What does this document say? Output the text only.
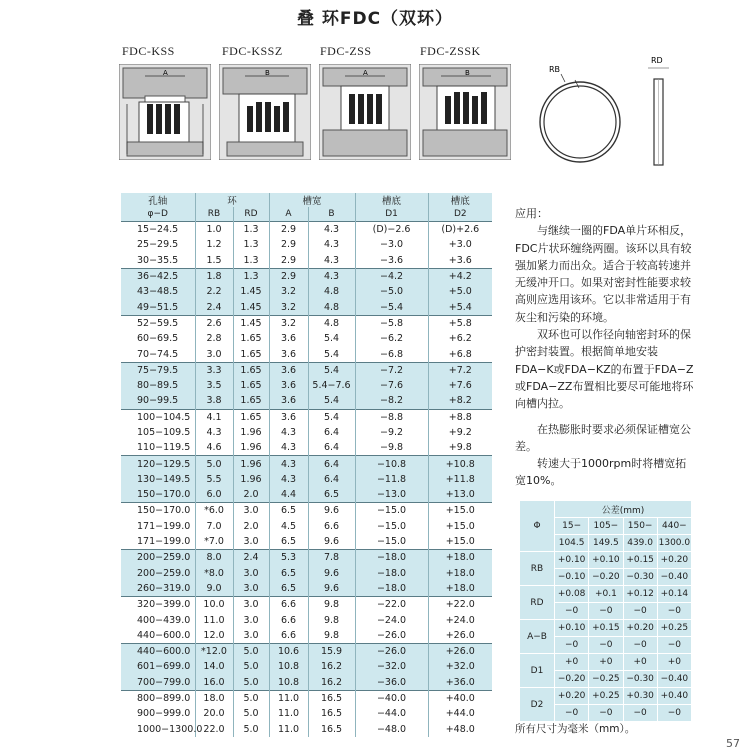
叠 环FDC（双环）
FDC-KSS	FDC-KSSZ	FDC-ZSS	FDC-ZSSK
A	B	A	B	RB
RD
孔轴	环		槽宽		槽底	槽底
φ−D	RB	RD	A	B	D1	D2
15−24.5	1.0	1.3	2.9	4.3	(D)−2.6	(D)+2.6
25−29.5	1.2	1.3	2.9	4.3	−3.0	+3.0
30−35.5	1.5	1.3	2.9	4.3	−3.6	+3.6
36−42.5	1.8	1.3	2.9	4.3	−4.2	+4.2
43−48.5	2.2	1.45	3.2	4.8	−5.0	+5.0
49−51.5	2.4	1.45	3.2	4.8	−5.4	+5.4
52−59.5	2.6	1.45	3.2	4.8	−5.8	+5.8
60−69.5	2.8	1.65	3.6	5.4	−6.2	+6.2
70−74.5	3.0	1.65	3.6	5.4	−6.8	+6.8
75−79.5	3.3	1.65	3.6	5.4	−7.2	+7.2
80−89.5	3.5	1.65	3.6	5.4−7.6	−7.6	+7.6
90−99.5	3.8	1.65	3.6	5.4	−8.2	+8.2
100−104.5	4.1	1.65	3.6	5.4	−8.8	+8.8
105−109.5	4.3	1.96	4.3	6.4	−9.2	+9.2
110−119.5	4.6	1.96	4.3	6.4	−9.8	+9.8
120−129.5	5.0	1.96	4.3	6.4	−10.8	+10.8
130−149.5	5.5	1.96	4.3	6.4	−11.8	+11.8
150−170.0	6.0	2.0	4.4	6.5	−13.0	+13.0
150−170.0	*6.0	3.0	6.5	9.6	−15.0	+15.0
171−199.0	7.0	2.0	4.5	6.6	−15.0	+15.0
171−199.0	*7.0	3.0	6.5	9.6	−15.0	+15.0
200−259.0	8.0	2.4	5.3	7.8	−18.0	+18.0
200−259.0	*8.0	3.0	6.5	9.6	−18.0	+18.0
260−319.0	9.0	3.0	6.5	9.6	−18.0	+18.0
320−399.0	10.0	3.0	6.6	9.8	−22.0	+22.0
400−439.0	11.0	3.0	6.6	9.8	−24.0	+24.0
440−600.0	12.0	3.0	6.6	9.8	−26.0	+26.0
440−600.0	*12.0	5.0	10.6	15.9	−26.0	+26.0
601−699.0	14.0	5.0	10.8	16.2	−32.0	+32.0
700−799.0	16.0	5.0	10.8	16.2	−36.0	+36.0
800−899.0	18.0	5.0	11.0	16.5	−40.0	+40.0
900−999.0	20.0	5.0	11.0	16.5	−44.0	+44.0
1000−1300.0	22.0	5.0	11.0	16.5	−48.0	+48.0

应用：

与继续一圈的FDA单片环相反，FDC片状环缠绕两圈。该环以具有较强加紧力而出众。适合于较高转速并无缓冲开口。如果对密封性能要求较高则应选用该环。它以非常适用于有灰尘和污染的环境。

双环也可以作径向轴密封环的保护密封装置。根据简单地安装FDA−K或FDA−KZ的布置于FDA−Z或FDA−ZZ布置相比要尽可能地将环向槽内拉。

在热膨胀时要求必须保证槽宽公差。

转速大于1000rpm时将槽宽拓宽10%。

Φ	公差(mm)			
	15−	105−	150−	440−
	104.5	149.5	439.0	1300.0
RB	+0.10	+0.10	+0.15	+0.20
	−0.10	−0.20	−0.30	−0.40
RD	+0.08	+0.1	+0.12	+0.14
	−0	−0	−0	−0
A−B	+0.10	+0.15	+0.20	+0.25
	−0	−0	−0	−0
D1	+0	+0	+0	+0
	−0.20	−0.25	−0.30	−0.40
D2	+0.20	+0.25	+0.30	+0.40
	−0	−0	−0	−0
所有尺寸为毫米（mm）。
57
